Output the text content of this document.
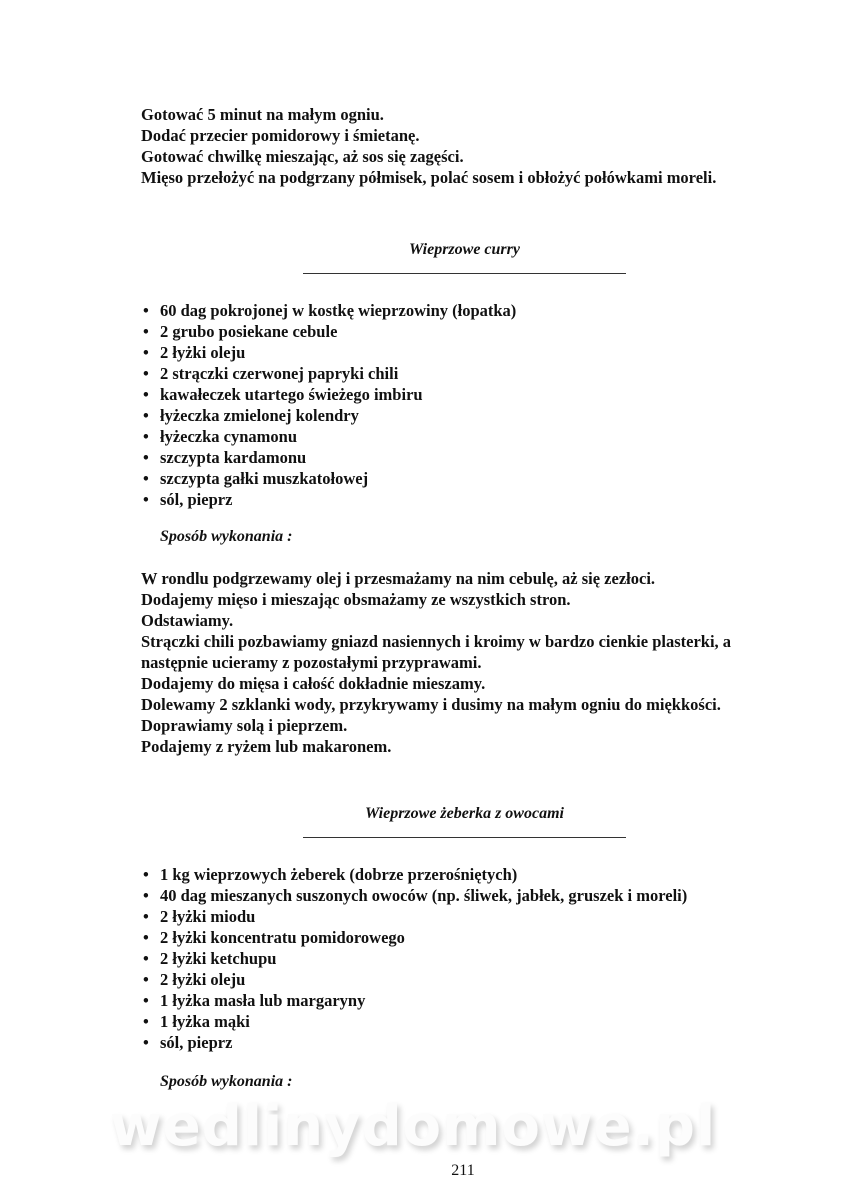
Gotować 5 minut na małym ogniu.
Dodać przecier pomidorowy i śmietanę.
Gotować chwilkę mieszając, aż sos się zagęści.
Mięso przełożyć na podgrzany półmisek, polać sosem i obłożyć połówkami moreli.
Wieprzowe curry
• 60 dag pokrojonej w kostkę wieprzowiny (łopatka)
• 2 grubo posiekane cebule
• 2 łyżki oleju
• 2 strączki czerwonej papryki chili
• kawałeczek utartego świeżego imbiru
• łyżeczka zmielonej kolendry
• łyżeczka cynamonu
• szczypta kardamonu
• szczypta gałki muszkatołowej
• sól, pieprz
Sposób wykonania :
W rondlu podgrzewamy olej i przesmażamy na nim cebulę, aż się zezłoci.
Dodajemy mięso i mieszając obsmażamy ze wszystkich stron.
Odstawiamy.
Strączki chili pozbawiamy gniazd nasiennych i kroimy w bardzo cienkie plasterki, a
następnie ucieramy z pozostałymi przyprawami.
Dodajemy do mięsa i całość dokładnie mieszamy.
Dolewamy 2 szklanki wody, przykrywamy i dusimy na małym ogniu do miękkości.
Doprawiamy solą i pieprzem.
Podajemy z ryżem lub makaronem.
Wieprzowe żeberka z owocami
• 1 kg wieprzowych żeberek (dobrze przerośniętych)
• 40 dag mieszanych suszonych owoców (np. śliwek, jabłek, gruszek i moreli)
• 2 łyżki miodu
• 2 łyżki koncentratu pomidorowego
• 2 łyżki ketchupu
• 2 łyżki oleju
• 1 łyżka masła lub margaryny
• 1 łyżka mąki
• sól, pieprz
Sposób wykonania :
wedlinydomowe.pl
211
